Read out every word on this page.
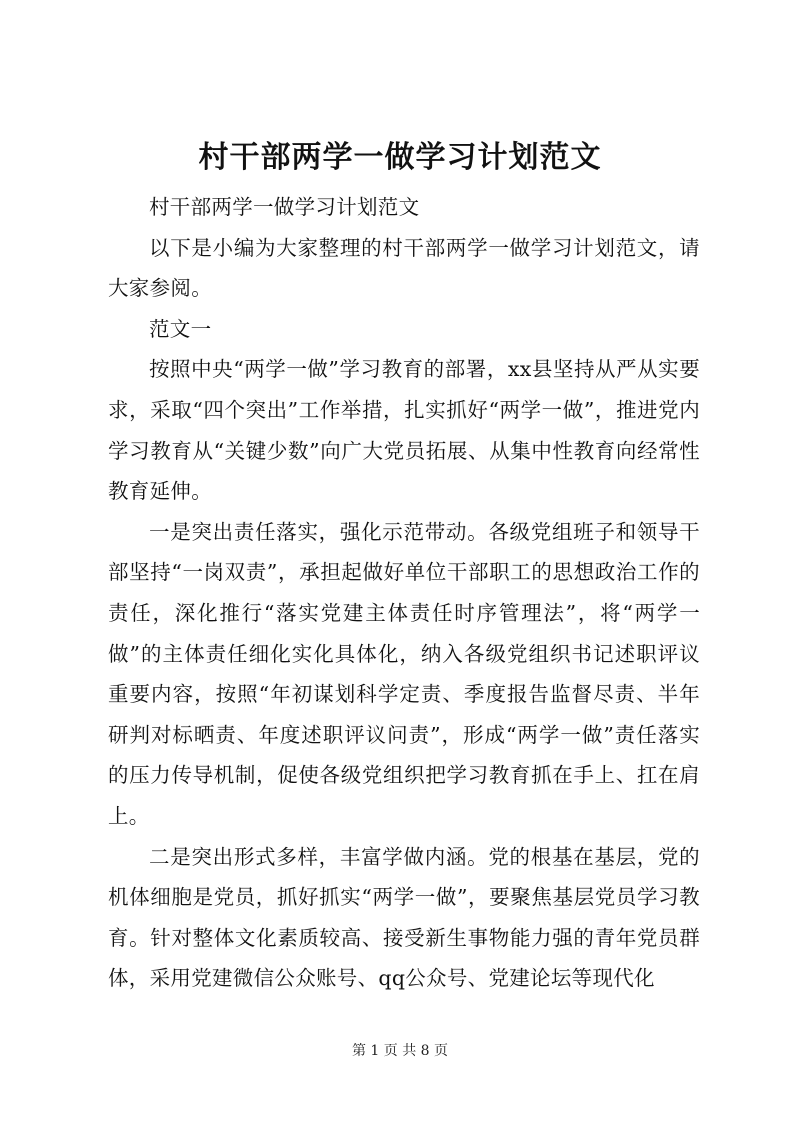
村干部两学一做学习计划范文

村干部两学一做学习计划范文

以下是小编为大家整理的村干部两学一做学习计划范文，请大家参阅。

范文一

按照中央“两学一做”学习教育的部署，xx县坚持从严从实要求，采取“四个突出”工作举措，扎实抓好“两学一做”，推进党内学习教育从“关键少数”向广大党员拓展、从集中性教育向经常性教育延伸。

一是突出责任落实，强化示范带动。各级党组班子和领导干部坚持“一岗双责”，承担起做好单位干部职工的思想政治工作的责任，深化推行“落实党建主体责任时序管理法”，将“两学一做”的主体责任细化实化具体化，纳入各级党组织书记述职评议重要内容，按照“年初谋划科学定责、季度报告监督尽责、半年研判对标晒责、年度述职评议问责”，形成“两学一做”责任落实的压力传导机制，促使各级党组织把学习教育抓在手上、扛在肩上。

二是突出形式多样，丰富学做内涵。党的根基在基层，党的机体细胞是党员，抓好抓实“两学一做”，要聚焦基层党员学习教育。针对整体文化素质较高、接受新生事物能力强的青年党员群体，采用党建微信公众账号、qq公众号、党建论坛等现代化

第 1 页 共 8 页
